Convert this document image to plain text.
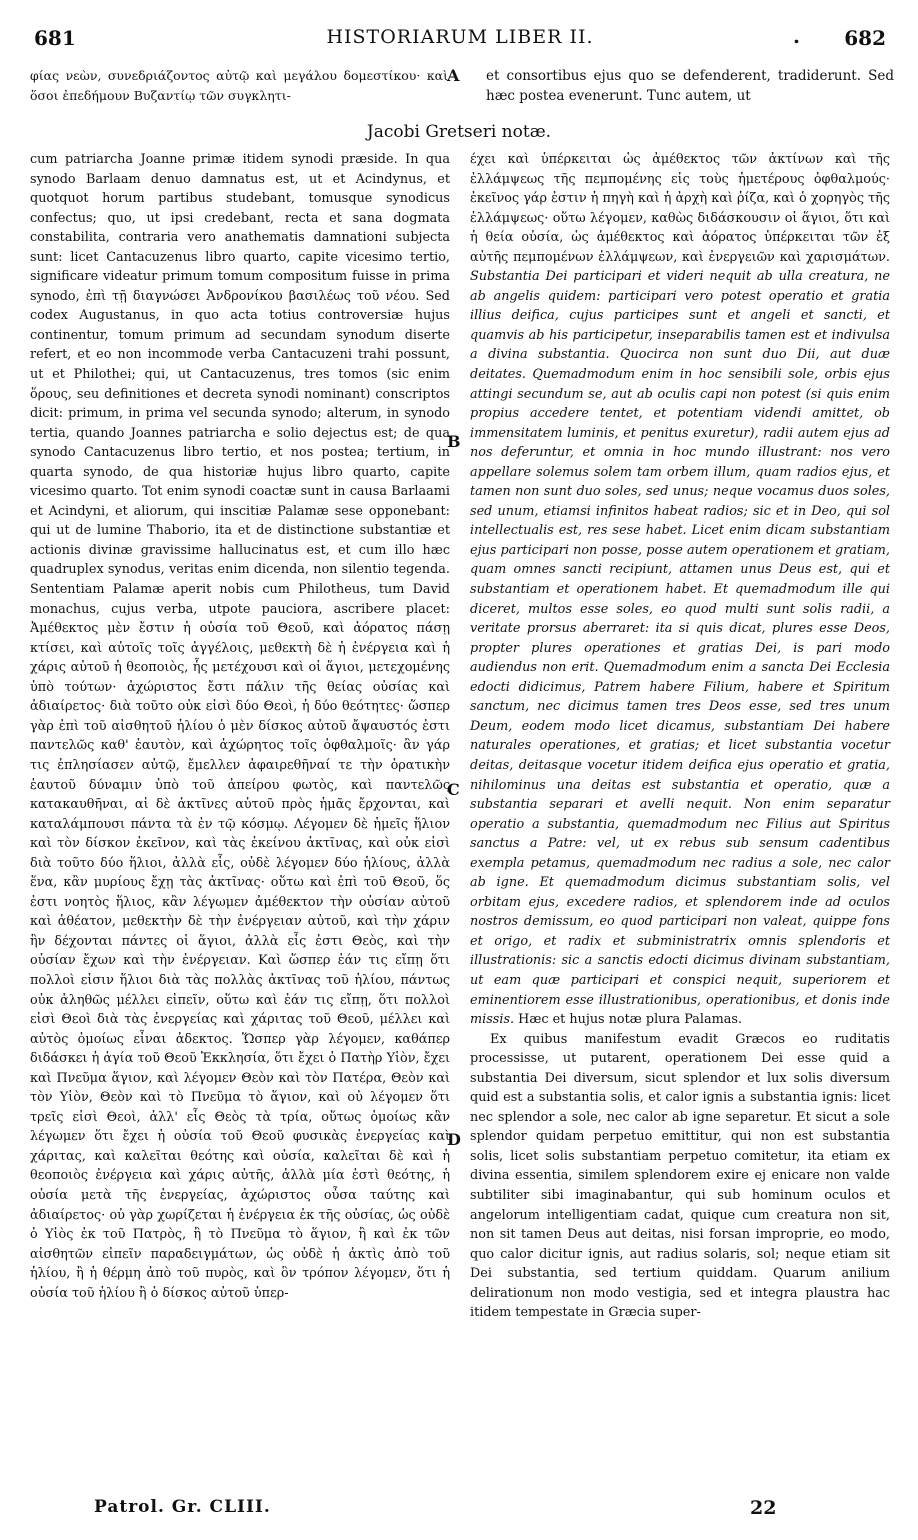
681	HISTORIARUM LIBER II.	. 682
φίας νεὼν, συνεδριάζοντος αὐτῷ καὶ μεγάλου δομεστίκου· καὶ ὅσοι ἐπεδήμουν Βυζαντίῳ τῶν συγκλητι-
et consortibus ejus quo se defenderent, tradiderunt. Sed hæc postea evenerunt. Tunc autem, ut
Jacobi Gretseri notæ.
A
B
C
D

cum patriarcha Joanne primæ itidem synodi præside. In qua synodo Barlaam denuo damnatus est, ut et Acindynus, et quotquot horum partibus studebant, tomusque synodicus confectus; quo, ut ipsi credebant, recta et sana dogmata constabilita, contraria vero anathematis damnationi subjecta sunt: licet Cantacuzenus libro quarto, capite vicesimo tertio, significare videatur primum tomum compositum fuisse in prima synodo, ἐπὶ τῇ διαγνώσει Ἀνδρονίκου βασιλέως τοῦ νέου. Sed codex Augustanus, in quo acta totius controversiæ hujus continentur, tomum primum ad secundam synodum diserte refert, et eo non incommode verba Cantacuzeni trahi possunt, ut et Philothei; qui, ut Cantacuzenus, tres tomos (sic enim ὅρους, seu definitiones et decreta synodi nominant) conscriptos dicit: primum, in prima vel secunda synodo; alterum, in synodo tertia, quando Joannes patriarcha e solio dejectus est; de qua synodo Cantacuzenus libro tertio, et nos postea; tertium, in quarta synodo, de qua historiæ hujus libro quarto, capite vicesimo quarto. Tot enim synodi coactæ sunt in causa Barlaami et Acindyni, et aliorum, qui inscitiæ Palamæ sese opponebant: qui ut de lumine Thaborio, ita et de distinctione substantiæ et actionis divinæ gravissime hallucinatus est, et cum illo hæc quadruplex synodus, veritas enim dicenda, non silentio tegenda. Sententiam Palamæ aperit nobis cum Philotheus, tum David monachus, cujus verba, utpote pauciora, ascribere placet: Ἀμέθεκτος μὲν ἔστιν ἡ οὐσία τοῦ Θεοῦ, καὶ ἀόρατος πάσῃ κτίσει, καὶ αὐτοῖς τοῖς ἀγγέλοις, μεθεκτὴ δὲ ἡ ἐνέργεια καὶ ἡ χάρις αὐτοῦ ἡ θεοποιὸς, ἧς μετέχουσι καὶ οἱ ἅγιοι, μετεχομένης ὑπὸ τούτων· ἀχώριστος ἔστι πάλιν τῆς θείας οὐσίας καὶ ἀδιαίρετος· διὰ τοῦτο οὐκ εἰσὶ δύο Θεοὶ, ἡ δύο θεότητες· ὥσπερ γὰρ ἐπὶ τοῦ αἰσθητοῦ ἡλίου ὁ μὲν δίσκος αὐτοῦ ἄψαυστός ἐστι παντελῶς καθ' ἑαυτὸν, καὶ ἀχώρητος τοῖς ὀφθαλμοῖς· ἂν γάρ τις ἐπλησίασεν αὐτῷ, ἔμελλεν ἀφαιρεθῆναί τε τὴν ὁρατικὴν ἑαυτοῦ δύναμιν ὑπὸ τοῦ ἀπείρου φωτὸς, καὶ παντελῶς κατακαυθῆναι, αἱ δὲ ἀκτῖνες αὐτοῦ πρὸς ἡμᾶς ἔρχονται, καὶ καταλάμπουσι πάντα τὰ ἐν τῷ κόσμῳ. Λέγομεν δὲ ἡμεῖς ἥλιον καὶ τὸν δίσκον ἐκεῖνον, καὶ τὰς ἐκείνου ἀκτῖνας, καὶ οὐκ εἰσὶ διὰ τοῦτο δύο ἥλιοι, ἀλλὰ εἷς, οὐδὲ λέγομεν δύο ἡλίους, ἀλλὰ ἕνα, κἂν μυρίους ἔχῃ τὰς ἀκτῖνας· οὕτω καὶ ἐπὶ τοῦ Θεοῦ, ὅς ἐστι νοητὸς ἥλιος, κἂν λέγωμεν ἀμέθεκτον τὴν οὐσίαν αὐτοῦ καὶ ἀθέατον, μεθεκτὴν δὲ τὴν ἐνέργειαν αὐτοῦ, καὶ τὴν χάριν ἣν δέχονται πάντες οἱ ἅγιοι, ἀλλὰ εἷς ἐστι Θεὸς, καὶ τὴν οὐσίαν ἔχων καὶ τὴν ἐνέργειαν. Καὶ ὥσπερ ἐάν τις εἴπῃ ὅτι πολλοὶ εἰσιν ἥλιοι διὰ τὰς πολλὰς ἀκτῖνας τοῦ ἡλίου, πάντως οὐκ ἀληθῶς μέλλει εἰπεῖν, οὕτω καὶ ἐάν τις εἴπῃ, ὅτι πολλοὶ εἰσὶ Θεοὶ διὰ τὰς ἐνεργείας καὶ χάριτας τοῦ Θεοῦ, μέλλει καὶ αὐτὸς ὁμοίως εἶναι ἀδεκτος. Ὥσπερ γὰρ λέγομεν, καθάπερ διδάσκει ἡ ἁγία τοῦ Θεοῦ Ἐκκλησία, ὅτι ἔχει ὁ Πατὴρ Υἱὸν, ἔχει καὶ Πνεῦμα ἅγιον, καὶ λέγομεν Θεὸν καὶ τὸν Πατέρα, Θεὸν καὶ τὸν Υἱὸν, Θεὸν καὶ τὸ Πνεῦμα τὸ ἅγιον, καὶ οὐ λέγομεν ὅτι τρεῖς εἰσὶ Θεοὶ, ἀλλ' εἷς Θεὸς τὰ τρία, οὕτως ὁμοίως κἂν λέγωμεν ὅτι ἔχει ἡ οὐσία τοῦ Θεοῦ φυσικὰς ἐνεργείας καὶ χάριτας, καὶ καλεῖται θεότης καὶ οὐσία, καλεῖται δὲ καὶ ἡ θεοποιὸς ἐνέργεια καὶ χάρις αὐτῆς, ἀλλὰ μία ἐστὶ θεότης, ἡ οὐσία μετὰ τῆς ἐνεργείας, ἀχώριστος οὖσα ταύτης καὶ ἀδιαίρετος· οὐ γὰρ χωρίζεται ἡ ἐνέργεια ἐκ τῆς οὐσίας, ὡς οὐδὲ ὁ Υἱὸς ἐκ τοῦ Πατρὸς, ἢ τὸ Πνεῦμα τὸ ἅγιον, ἢ καὶ ἐκ τῶν αἰσθητῶν εἰπεῖν παραδειγμάτων, ὡς οὐδὲ ἡ ἀκτὶς ἀπὸ τοῦ ἡλίου, ἢ ἡ θέρμη ἀπὸ τοῦ πυρὸς, καὶ ὃν τρόπον λέγομεν, ὅτι ἡ οὐσία τοῦ ἡλίου ἢ ὁ δίσκος αὐτοῦ ὑπερ-

έχει καὶ ὑπέρκειται ὡς ἀμέθεκτος τῶν ἀκτίνων καὶ τῆς ἐλλάμψεως τῆς πεμπομένης εἰς τοὺς ἡμετέρους ὀφθαλμούς· ἐκεῖνος γάρ ἐστιν ἡ πηγὴ καὶ ἡ ἀρχὴ καὶ ῥίζα, καὶ ὁ χορηγὸς τῆς ἐλλάμψεως· οὕτω λέγομεν, καθὼς διδάσκουσιν οἱ ἅγιοι, ὅτι καὶ ἡ θεία οὐσία, ὡς ἀμέθεκτος καὶ ἀόρατος ὑπέρκειται τῶν ἐξ αὐτῆς πεμπομένων ἐλλάμψεων, καὶ ἐνεργειῶν καὶ χαρισμάτων. Substantia Dei participari et videri nequit ab ulla creatura, ne ab angelis quidem: participari vero potest operatio et gratia illius deifica, cujus participes sunt et angeli et sancti, et quamvis ab his participetur, inseparabilis tamen est et indivulsa a divina substantia. Quocirca non sunt duo Dii, aut duæ deitates. Quemadmodum enim in hoc sensibili sole, orbis ejus attingi secundum se, aut ab oculis capi non potest (si quis enim propius accedere tentet, et potentiam videndi amittet, ob immensitatem luminis, et penitus exuretur), radii autem ejus ad nos deferuntur, et omnia in hoc mundo illustrant: nos vero appellare solemus solem tam orbem illum, quam radios ejus, et tamen non sunt duo soles, sed unus; neque vocamus duos soles, sed unum, etiamsi infinitos habeat radios; sic et in Deo, qui sol intellectualis est, res sese habet. Licet enim dicam substantiam ejus participari non posse, posse autem operationem et gratiam, quam omnes sancti recipiunt, attamen unus Deus est, qui et substantiam et operationem habet. Et quemadmodum ille qui diceret, multos esse soles, eo quod multi sunt solis radii, a veritate prorsus aberraret: ita si quis dicat, plures esse Deos, propter plures operationes et gratias Dei, is pari modo audiendus non erit. Quemadmodum enim a sancta Dei Ecclesia edocti didicimus, Patrem habere Filium, habere et Spiritum sanctum, nec dicimus tamen tres Deos esse, sed tres unum Deum, eodem modo licet dicamus, substantiam Dei habere naturales operationes, et gratias; et licet substantia vocetur deitas, deitasque vocetur itidem deifica ejus operatio et gratia, nihilominus una deitas est substantia et operatio, quæ a substantia separari et avelli nequit. Non enim separatur operatio a substantia, quemadmodum nec Filius aut Spiritus sanctus a Patre: vel, ut ex rebus sub sensum cadentibus exempla petamus, quemadmodum nec radius a sole, nec calor ab igne. Et quemadmodum dicimus substantiam solis, vel orbitam ejus, excedere radios, et splendorem inde ad oculos nostros demissum, eo quod participari non valeat, quippe fons et origo, et radix et subministratrix omnis splendoris et illustrationis: sic a sanctis edocti dicimus divinam substantiam, ut eam quæ participari et conspici nequit, superiorem et eminentiorem esse illustrationibus, operationibus, et donis inde missis. Hæc et hujus notæ plura Palamas.

Ex quibus manifestum evadit Græcos eo ruditatis processisse, ut putarent, operationem Dei esse quid a substantia Dei diversum, sicut splendor et lux solis diversum quid est a substantia solis, et calor ignis a substantia ignis: licet nec splendor a sole, nec calor ab igne separetur. Et sicut a sole splendor quidam perpetuo emittitur, qui non est substantia solis, licet solis substantiam perpetuo comitetur, ita etiam ex divina essentia, similem splendorem exire ej enicare non valde subtiliter sibi imaginabantur, qui sub hominum oculos et angelorum intelligentiam cadat, quique cum creatura non sit, non sit tamen Deus aut deitas, nisi forsan improprie, eo modo, quo calor dicitur ignis, aut radius solaris, sol; neque etiam sit Dei substantia, sed tertium quiddam. Quarum anilium delirationum non modo vestigia, sed et integra plaustra hac itidem tempestate in Græcia super-

Patrol. Gr. CLIII.	22
